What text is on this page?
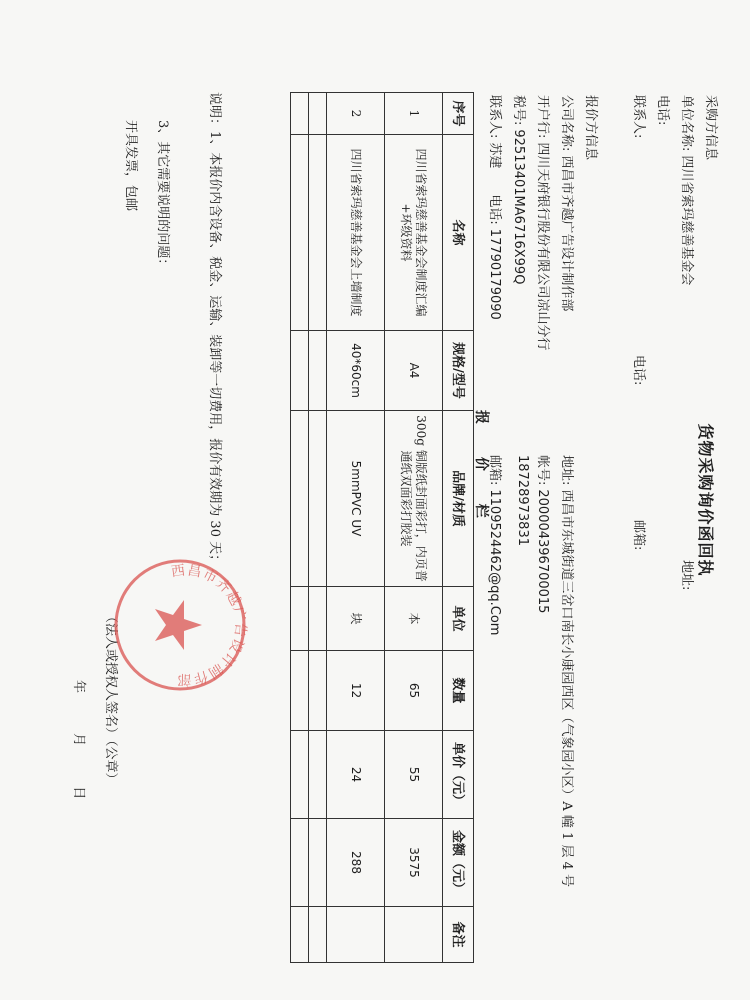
货物采购询价函回执
采购方信息
单位名称:四川省索玛慈善基金会
地址:
电话:
联系人:
电话:
邮箱:
报价方信息
公司名称:西昌市齐越广告设计制作部
地址:西昌市东城街道三岔口南长小康园西区（气象园小区）A 幢 1 层 4 号
开户行:四川天府银行股份有限公司凉山分行
帐号:200004396700015
税号:92513401MA6716X99Q
18728973831
联系人:苏建电话:17790179090
邮箱:1109524462@qq.Com
报 价 栏
序号	名称	规格/型号	品牌/材质	单位	数量	单价（元）	金额（元）	备注
1	四川省索玛慈善基金会制度汇编+环级资料	A4	300g 铜版纸封面彩打，内页普通纸双面彩打胶装	本	65	55	3575	
2	四川省索玛慈善基金会上墙制度	40*60cm	5mmPVC UV	块	12	24	288	

说明：1、本报价内含设备、税金、运输、装卸等一切费用，报价有效期为 30 天；
3、其它需要说明的问题：
开具发票，包邮
（法人或授权人签名）（公章）
年 月 日
西昌市齐越广告设计制作部
